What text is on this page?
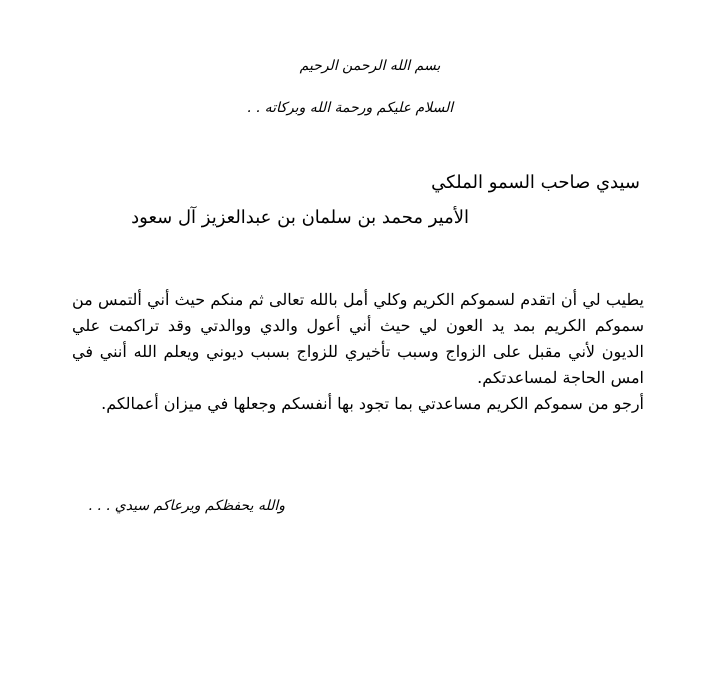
بسم الله الرحمن الرحيم
السلام عليكم ورحمة الله وبركاته . .
سيدي صاحب السمو الملكي
الأمير محمد بن سلمان بن عبدالعزيز آل سعود

يطيب لي أن اتقدم لسموكم الكريم وكلي أمل بالله تعالى ثم منكم حيث أني ألتمس من سموكم الكريم بمد يد العون لي حيث أني أعول والدي ووالدتي وقد تراكمت علي الديون لأني مقبل على الزواج وسبب تأخيري للزواج بسبب ديوني ويعلم الله أنني في امس الحاجة لمساعدتكم.

أرجو من سموكم الكريم مساعدتي بما تجود بها أنفسكم وجعلها في ميزان أعمالكم.

والله يحفظكم ويرعاكم سيدي . . .
